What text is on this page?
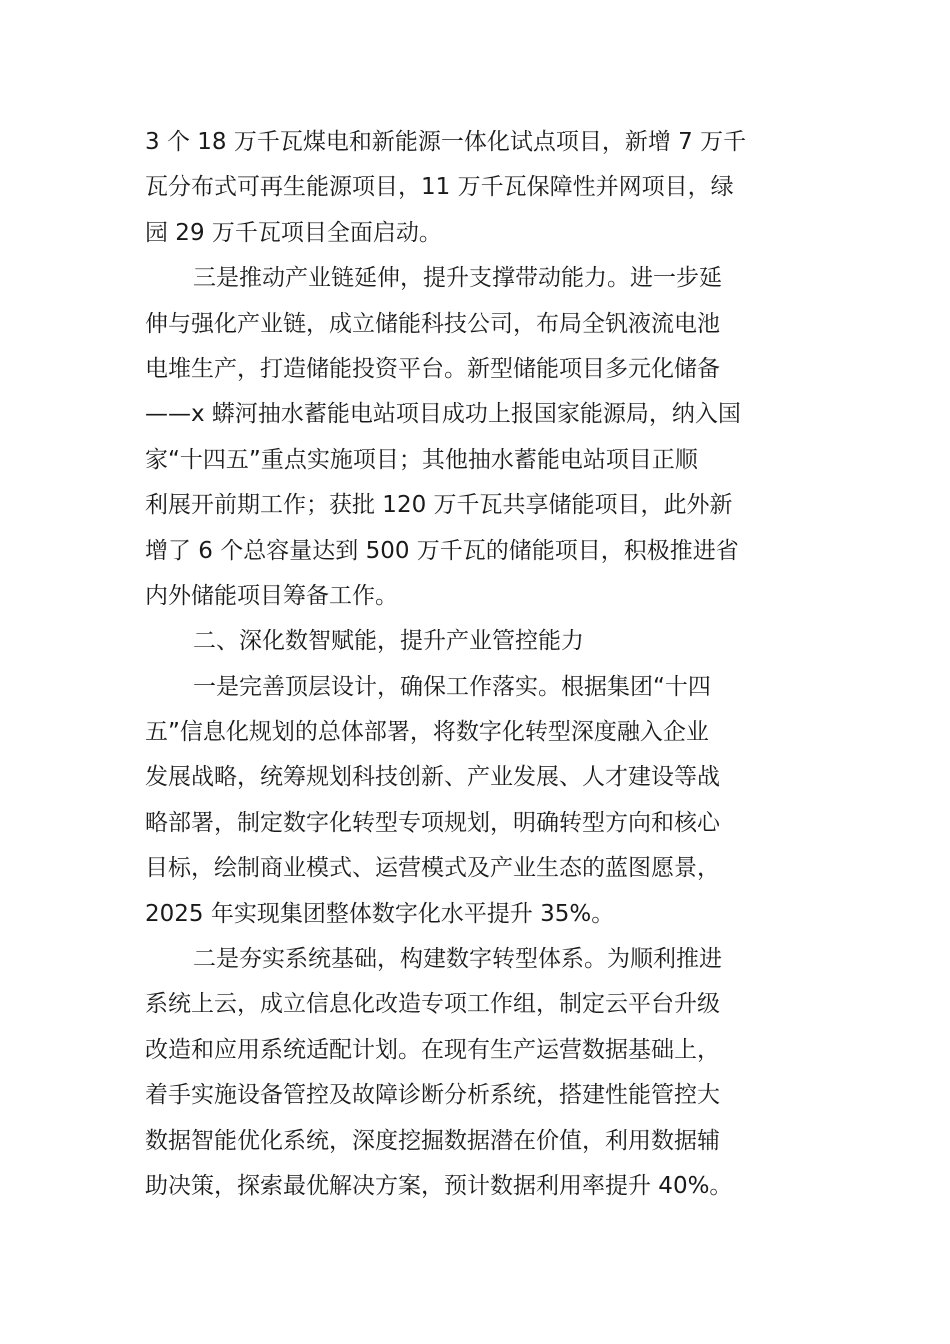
3 个 18 万千瓦煤电和新能源一体化试点项目，新增 7 万千
瓦分布式可再生能源项目，11 万千瓦保障性并网项目，绿
园 29 万千瓦项目全面启动。
三是推动产业链延伸，提升支撑带动能力。进一步延
伸与强化产业链，成立储能科技公司，布局全钒液流电池
电堆生产，打造储能投资平台。新型储能项目多元化储备
——x 蟒河抽水蓄能电站项目成功上报国家能源局，纳入国
家“十四五”重点实施项目；其他抽水蓄能电站项目正顺
利展开前期工作；获批 120 万千瓦共享储能项目，此外新
增了 6 个总容量达到 500 万千瓦的储能项目，积极推进省
内外储能项目筹备工作。
二、深化数智赋能，提升产业管控能力
一是完善顶层设计，确保工作落实。根据集团“十四
五”信息化规划的总体部署，将数字化转型深度融入企业
发展战略，统筹规划科技创新、产业发展、人才建设等战
略部署，制定数字化转型专项规划，明确转型方向和核心
目标，绘制商业模式、运营模式及产业生态的蓝图愿景，
2025 年实现集团整体数字化水平提升 35%。
二是夯实系统基础，构建数字转型体系。为顺利推进
系统上云，成立信息化改造专项工作组，制定云平台升级
改造和应用系统适配计划。在现有生产运营数据基础上，
着手实施设备管控及故障诊断分析系统，搭建性能管控大
数据智能优化系统，深度挖掘数据潜在价值，利用数据辅
助决策，探索最优解决方案，预计数据利用率提升 40%。
